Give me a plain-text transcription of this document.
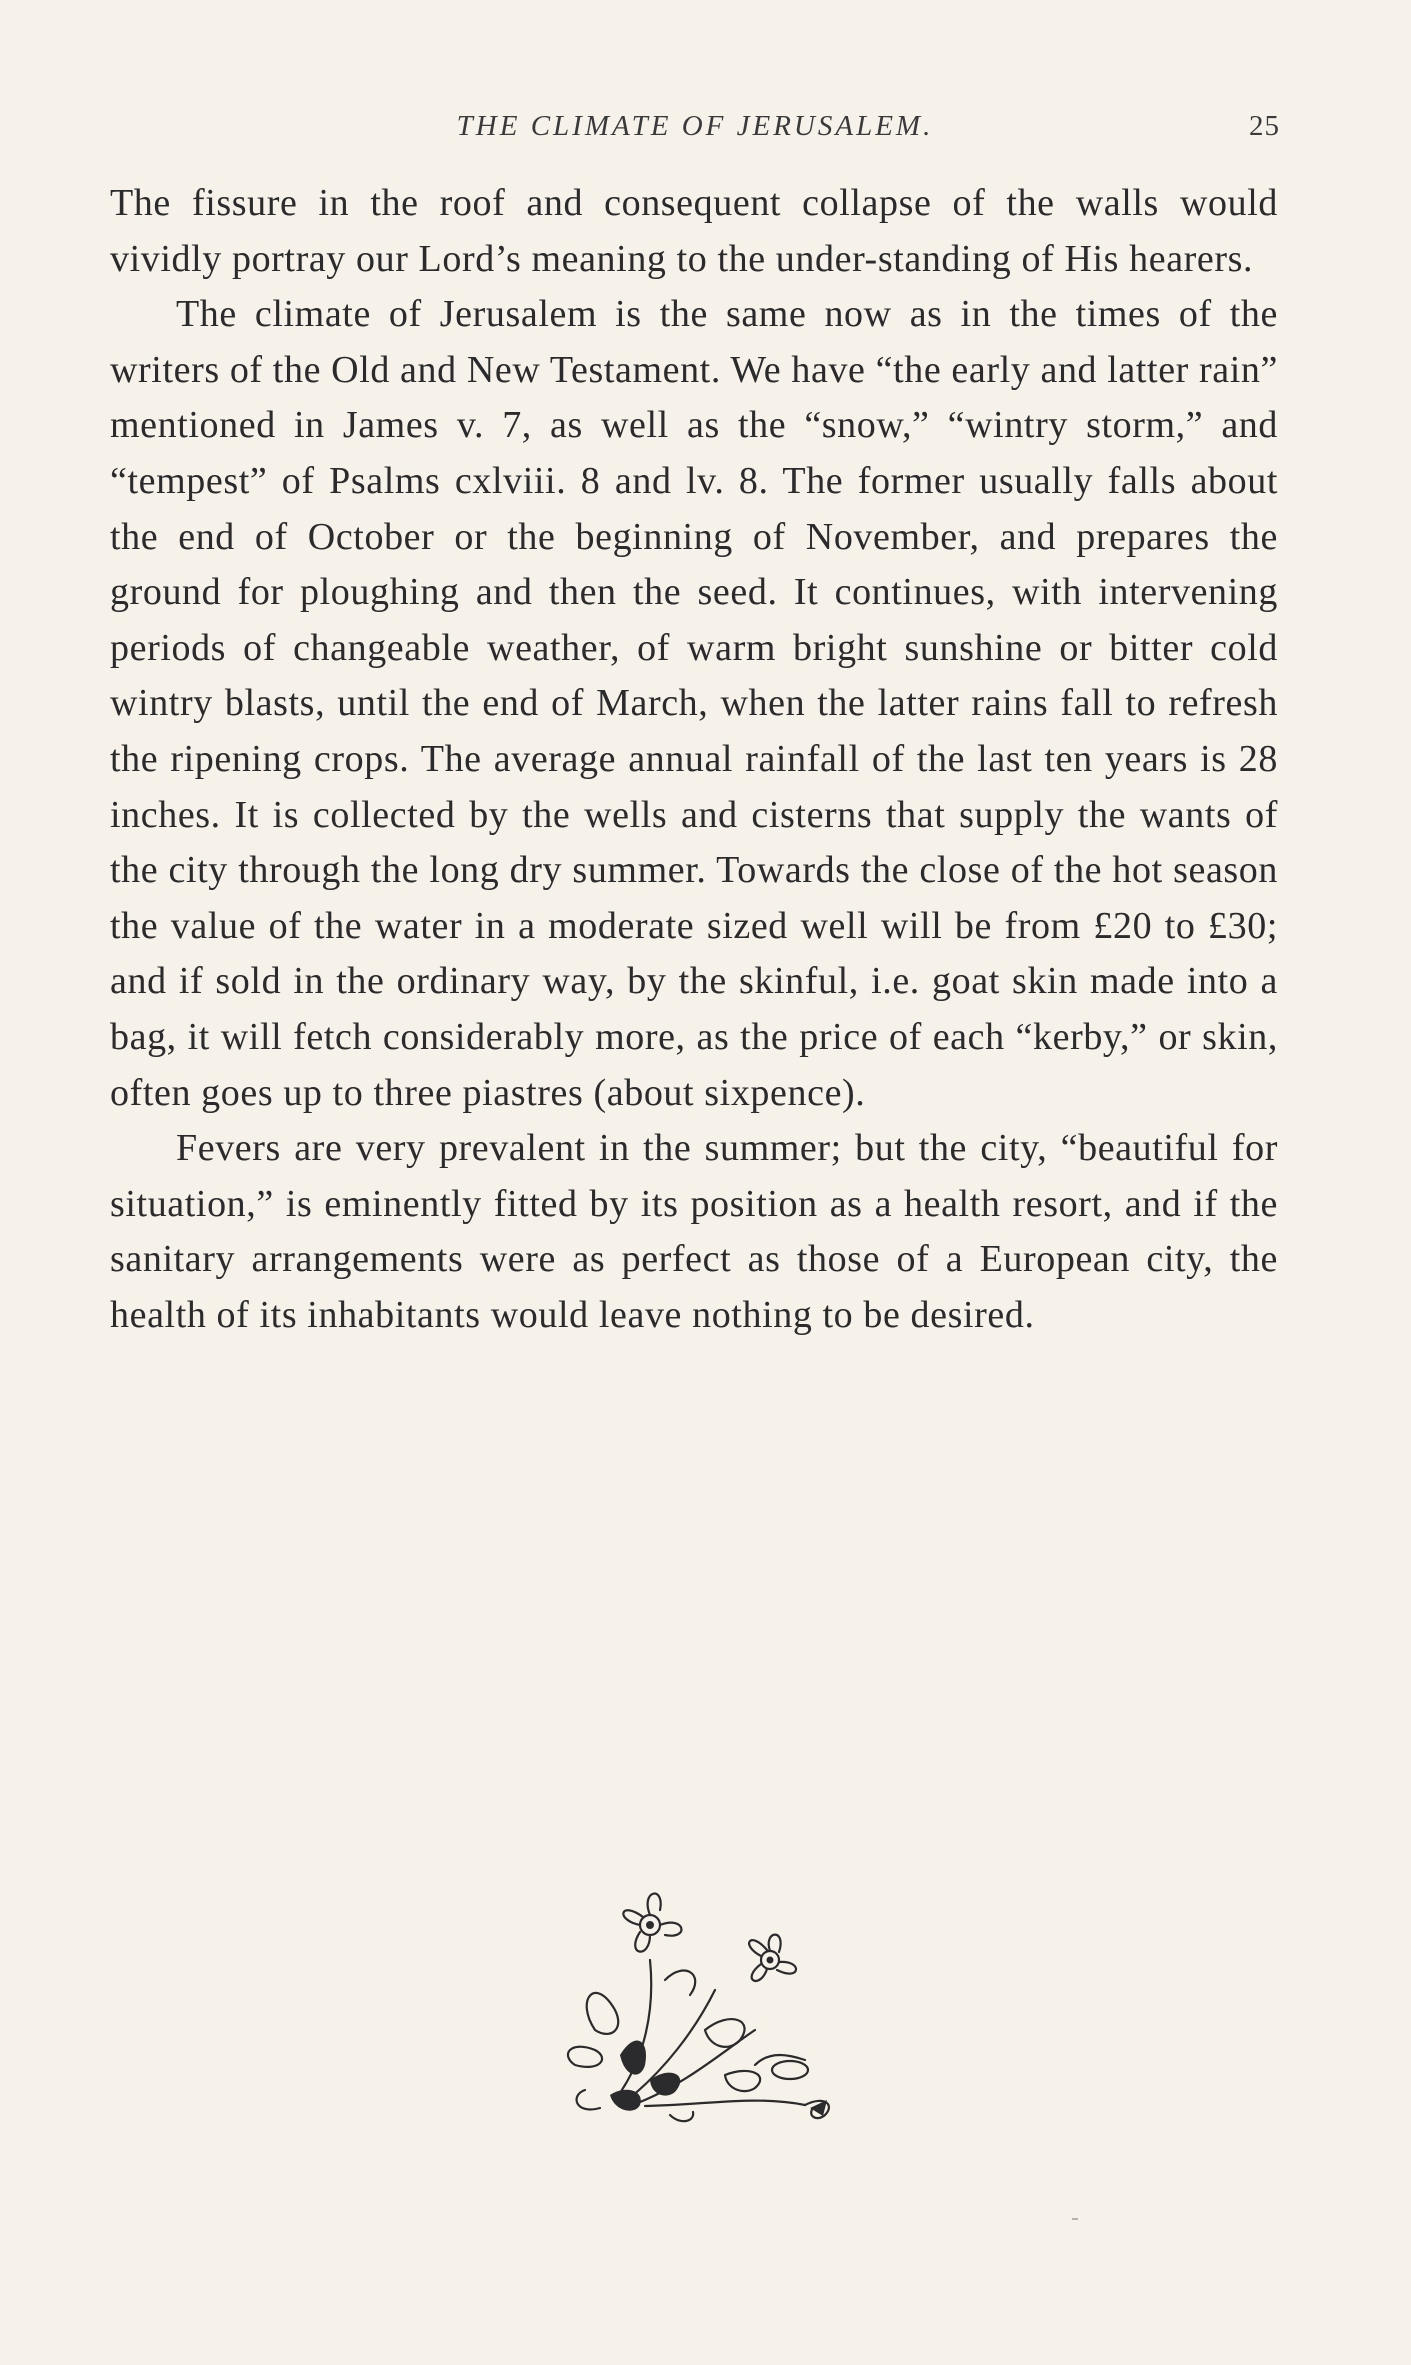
THE CLIMATE OF JERUSALEM.	25

The fissure in the roof and consequent collapse of the walls would vividly portray our Lord’s meaning to the under-standing of His hearers.

The climate of Jerusalem is the same now as in the times of the writers of the Old and New Testament. We have “the early and latter rain” mentioned in James v. 7, as well as the “snow,” “wintry storm,” and “tempest” of Psalms cxlviii. 8 and lv. 8. The former usually falls about the end of October or the beginning of November, and prepares the ground for ploughing and then the seed. It continues, with intervening periods of changeable weather, of warm bright sunshine or bitter cold wintry blasts, until the end of March, when the latter rains fall to refresh the ripening crops. The average annual rainfall of the last ten years is 28 inches. It is collected by the wells and cisterns that supply the wants of the city through the long dry summer. Towards the close of the hot season the value of the water in a moderate sized well will be from £20 to £30; and if sold in the ordinary way, by the skinful, i.e. goat skin made into a bag, it will fetch considerably more, as the price of each “kerby,” or skin, often goes up to three piastres (about sixpence).

Fevers are very prevalent in the summer; but the city, “beautiful for situation,” is eminently fitted by its position as a health resort, and if the sanitary arrangements were as perfect as those of a European city, the health of its inhabitants would leave nothing to be desired.
